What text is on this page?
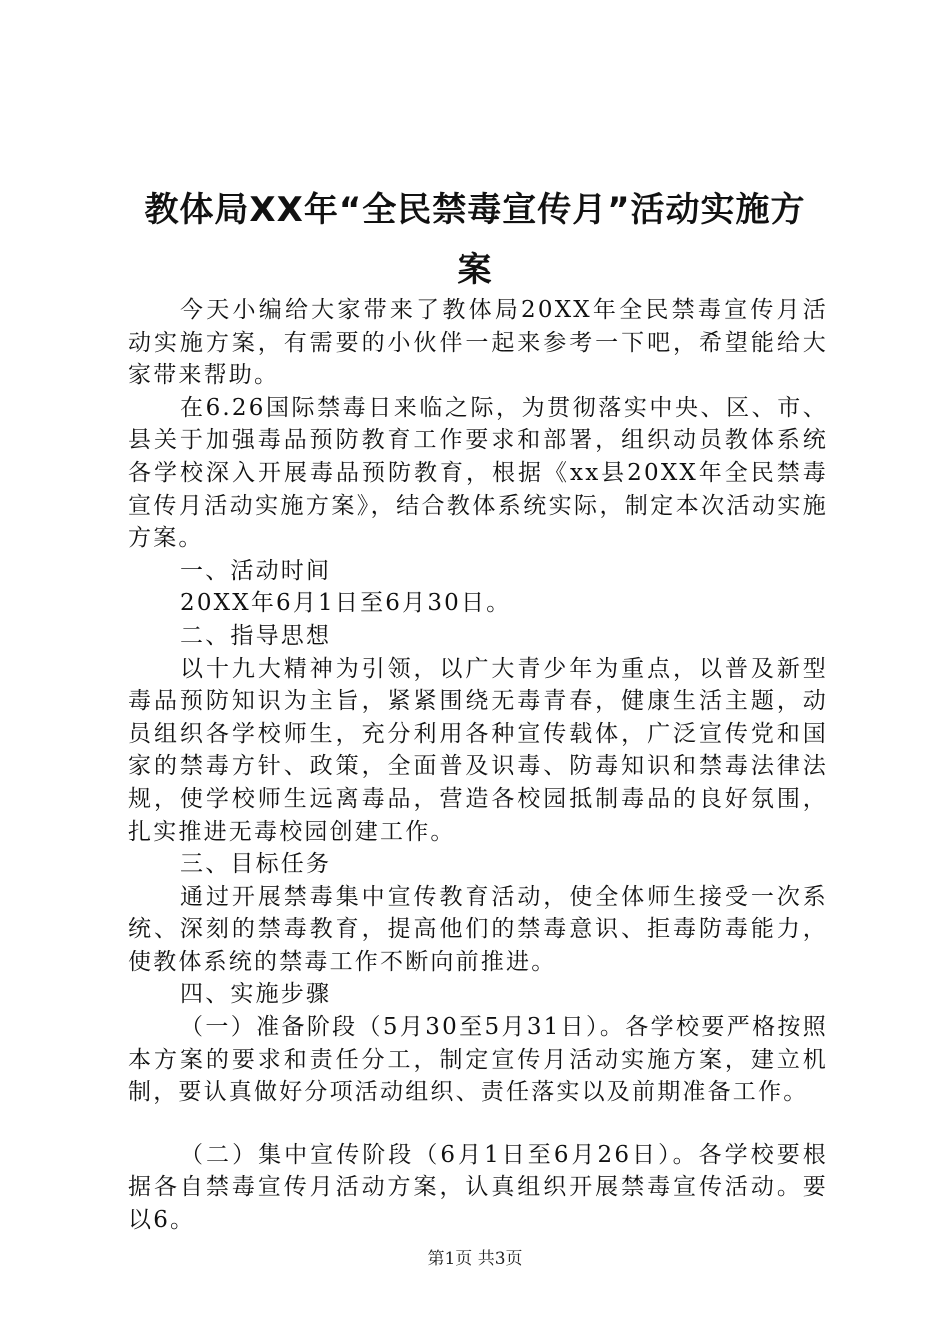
教体局XX年“全民禁毒宣传月”活动实施方
案

今天小编给大家带来了教体局20XX年全民禁毒宣传月活动实施方案，有需要的小伙伴一起来参考一下吧，希望能给大家带来帮助。

在6.26国际禁毒日来临之际，为贯彻落实中央、区、市、县关于加强毒品预防教育工作要求和部署，组织动员教体系统各学校深入开展毒品预防教育，根据《xx县20XX年全民禁毒宣传月活动实施方案》，结合教体系统实际，制定本次活动实施方案。

一、活动时间

20XX年6月1日至6月30日。

二、指导思想

以十九大精神为引领，以广大青少年为重点，以普及新型毒品预防知识为主旨，紧紧围绕无毒青春，健康生活主题，动员组织各学校师生，充分利用各种宣传载体，广泛宣传党和国家的禁毒方针、政策，全面普及识毒、防毒知识和禁毒法律法规，使学校师生远离毒品，营造各校园抵制毒品的良好氛围，扎实推进无毒校园创建工作。

三、目标任务

通过开展禁毒集中宣传教育活动，使全体师生接受一次系统、深刻的禁毒教育，提高他们的禁毒意识、拒毒防毒能力，使教体系统的禁毒工作不断向前推进。

四、实施步骤

（一）准备阶段（5月30至5月31日）。各学校要严格按照本方案的要求和责任分工，制定宣传月活动实施方案，建立机制，要认真做好分项活动组织、责任落实以及前期准备工作。

（二）集中宣传阶段（6月1日至6月26日）。各学校要根据各自禁毒宣传月活动方案，认真组织开展禁毒宣传活动。要以6。

第1页 共3页
